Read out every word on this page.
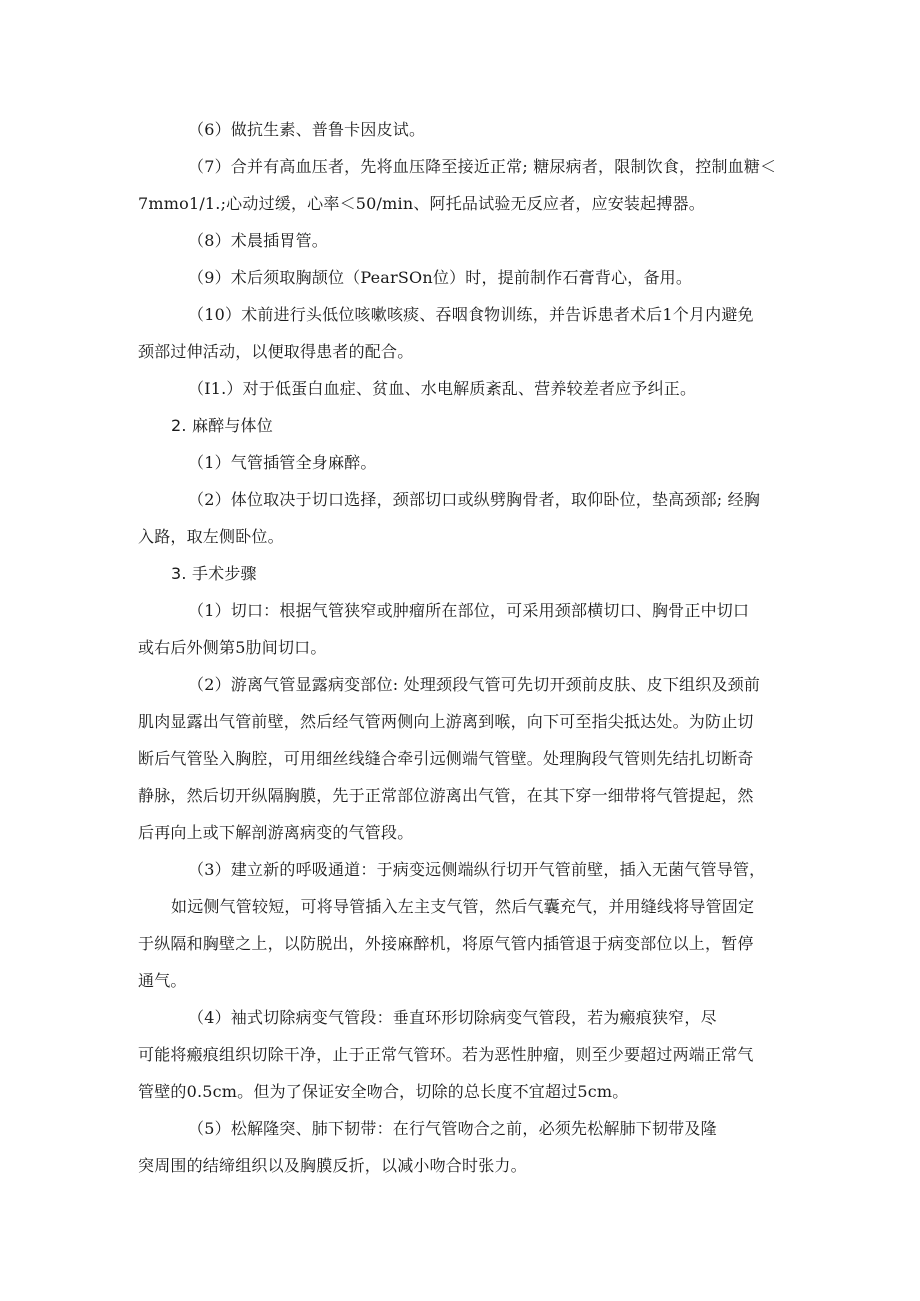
（6）做抗生素、普鲁卡因皮试。
（7）合并有高血压者，先将血压降至接近正常; 糖尿病者，限制饮食，控制血糖＜
7mmo1/1.;心动过缓，心率＜50/min、阿托品试验无反应者，应安装起搏器。
（8）术晨插胃管。
（9）术后须取胸颉位（PearSOn位）时，提前制作石膏背心，备用。
（10）术前进行头低位咳嗽咳痰、吞咽食物训练，并告诉患者术后1个月内避免
颈部过伸活动，以便取得患者的配合。
（I1.）对于低蛋白血症、贫血、水电解质紊乱、营养较差者应予纠正。
2. 麻醉与体位
（1）气管插管全身麻醉。
（2）体位取决于切口选择，颈部切口或纵劈胸骨者，取仰卧位，垫高颈部; 经胸
入路，取左侧卧位。
3. 手术步骤
（1）切口：根据气管狭窄或肿瘤所在部位，可采用颈部横切口、胸骨正中切口
或右后外侧第5肋间切口。
（2）游离气管显露病变部位: 处理颈段气管可先切开颈前皮肤、皮下组织及颈前
肌肉显露出气管前壁，然后经气管两侧向上游离到喉，向下可至指尖抵达处。为防止切
断后气管坠入胸腔，可用细丝线缝合牵引远侧端气管壁。处理胸段气管则先结扎切断奇
静脉，然后切开纵隔胸膜，先于正常部位游离出气管，在其下穿一细带将气管提起，然
后再向上或下解剖游离病变的气管段。
（3）建立新的呼吸通道：于病变远侧端纵行切开气管前壁，插入无菌气管导管，
如远侧气管较短，可将导管插入左主支气管，然后气囊充气，并用缝线将导管固定
于纵隔和胸壁之上，以防脱出，外接麻醉机，将原气管内插管退于病变部位以上，暂停
通气。
（4）袖式切除病变气管段：垂直环形切除病变气管段，若为瘢痕狭窄，尽
可能将瘢痕组织切除干净，止于正常气管环。若为恶性肿瘤，则至少要超过两端正常气
管壁的0.5cm。但为了保证安全吻合，切除的总长度不宜超过5cm。
（5）松解隆突、肺下韧带：在行气管吻合之前，必须先松解肺下韧带及隆
突周围的结缔组织以及胸膜反折，以减小吻合时张力。
